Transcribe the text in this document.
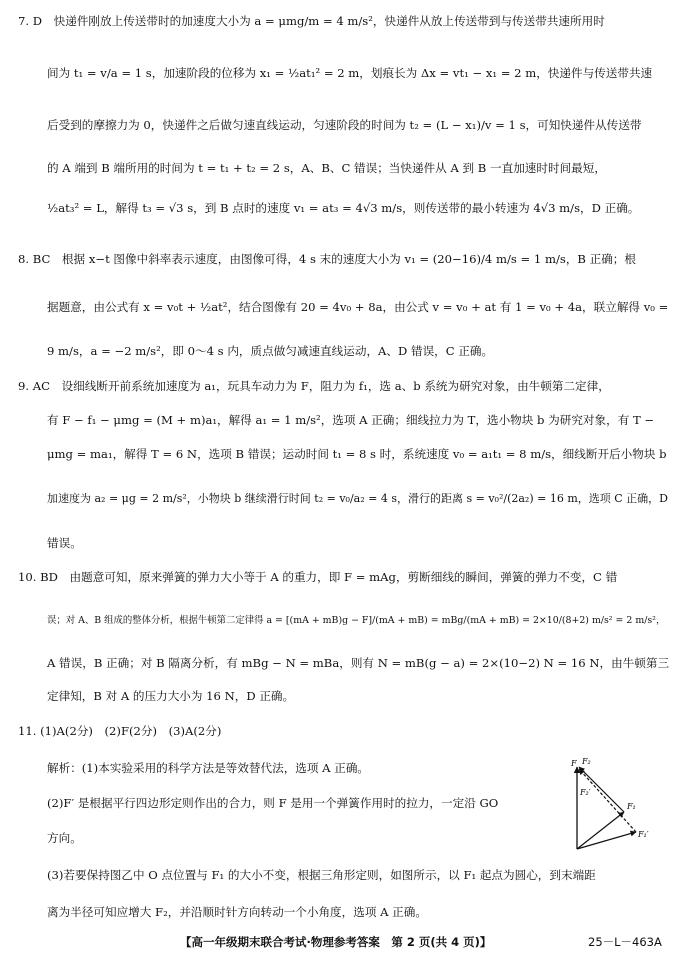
7. D　快递件刚放上传送带时的加速度大小为 a = μmg/m = 4 m/s²，快递件从放上传送带到与传送带共速所用时
间为 t₁ = v/a = 1 s，加速阶段的位移为 x₁ = ½at₁² = 2 m，划痕长为 Δx = vt₁ − x₁ = 2 m，快递件与传送带共速
后受到的摩擦力为 0，快递件之后做匀速直线运动，匀速阶段的时间为 t₂ = (L − x₁)/v = 1 s，可知快递件从传送带
的 A 端到 B 端所用的时间为 t = t₁ + t₂ = 2 s，A、B、C 错误；当快递件从 A 到 B 一直加速时时间最短，
½at₃² = L，解得 t₃ = √3 s，到 B 点时的速度 v₁ = at₃ = 4√3 m/s，则传送带的最小转速为 4√3 m/s，D 正确。
8. BC　根据 x−t 图像中斜率表示速度，由图像可得，4 s 末的速度大小为 v₁ = (20−16)/4 m/s = 1 m/s，B 正确；根
据题意，由公式有 x = v₀t + ½at²，结合图像有 20 = 4v₀ + 8a，由公式 v = v₀ + at 有 1 = v₀ + 4a，联立解得 v₀ =
9 m/s，a = −2 m/s²，即 0～4 s 内，质点做匀减速直线运动，A、D 错误，C 正确。
9. AC　设细线断开前系统加速度为 a₁，玩具车动力为 F，阻力为 f₁，选 a、b 系统为研究对象，由牛顿第二定律，
有 F − f₁ − μmg = (M + m)a₁，解得 a₁ = 1 m/s²，选项 A 正确；细线拉力为 T，选小物块 b 为研究对象，有 T −
μmg = ma₁，解得 T = 6 N，选项 B 错误；运动时间 t₁ = 8 s 时，系统速度 v₀ = a₁t₁ = 8 m/s，细线断开后小物块 b
加速度为 a₂ = μg = 2 m/s²，小物块 b 继续滑行时间 t₂ = v₀/a₂ = 4 s，滑行的距离 s = v₀²/(2a₂) = 16 m，选项 C 正确，D
错误。
10. BD　由题意可知，原来弹簧的弹力大小等于 A 的重力，即 F = mAg，剪断细线的瞬间，弹簧的弹力不变，C 错
误；对 A、B 组成的整体分析，根据牛顿第二定律得 a = [(mA + mB)g − F]/(mA + mB) = mBg/(mA + mB) = 2×10/(8+2) m/s² = 2 m/s²，
A 错误，B 正确；对 B 隔离分析，有 mBg − N = mBa，则有 N = mB(g − a) = 2×(10−2) N = 16 N，由牛顿第三
定律知，B 对 A 的压力大小为 16 N，D 正确。
11. (1)A(2分)　(2)F(2分)　(3)A(2分)
解析：(1)本实验采用的科学方法是等效替代法，选项 A 正确。
(2)F′ 是根据平行四边形定则作出的合力，则 F 是用一个弹簧作用时的拉力，一定沿 GO
方向。
(3)若要保持图乙中 O 点位置与 F₁ 的大小不变，根据三角形定则，如图所示，以 F₁ 起点为圆心，到末端距
离为半径可知应增大 F₂，并沿顺时针方向转动一个小角度，选项 A 正确。
F F₂
F₂′
F₁
F₁′
【高一年级期末联合考试·物理参考答案　第 2 页(共 4 页)】	25－L－463A
